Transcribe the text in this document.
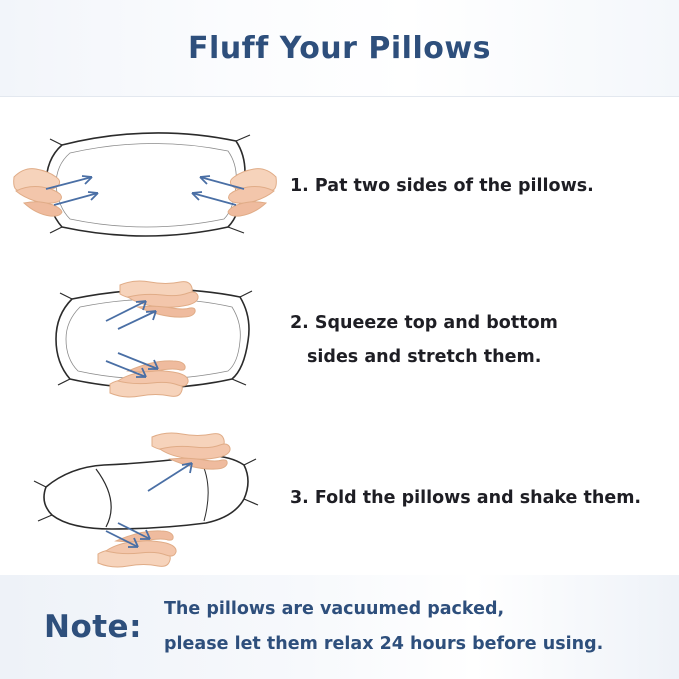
Fluff Your Pillows
1. Pat two sides of the pillows.
2. Squeeze top and bottom
sides and stretch them.
3. Fold the pillows and shake them.
Note: The pillows are vacuumed packed,
please let them relax 24 hours before using.
